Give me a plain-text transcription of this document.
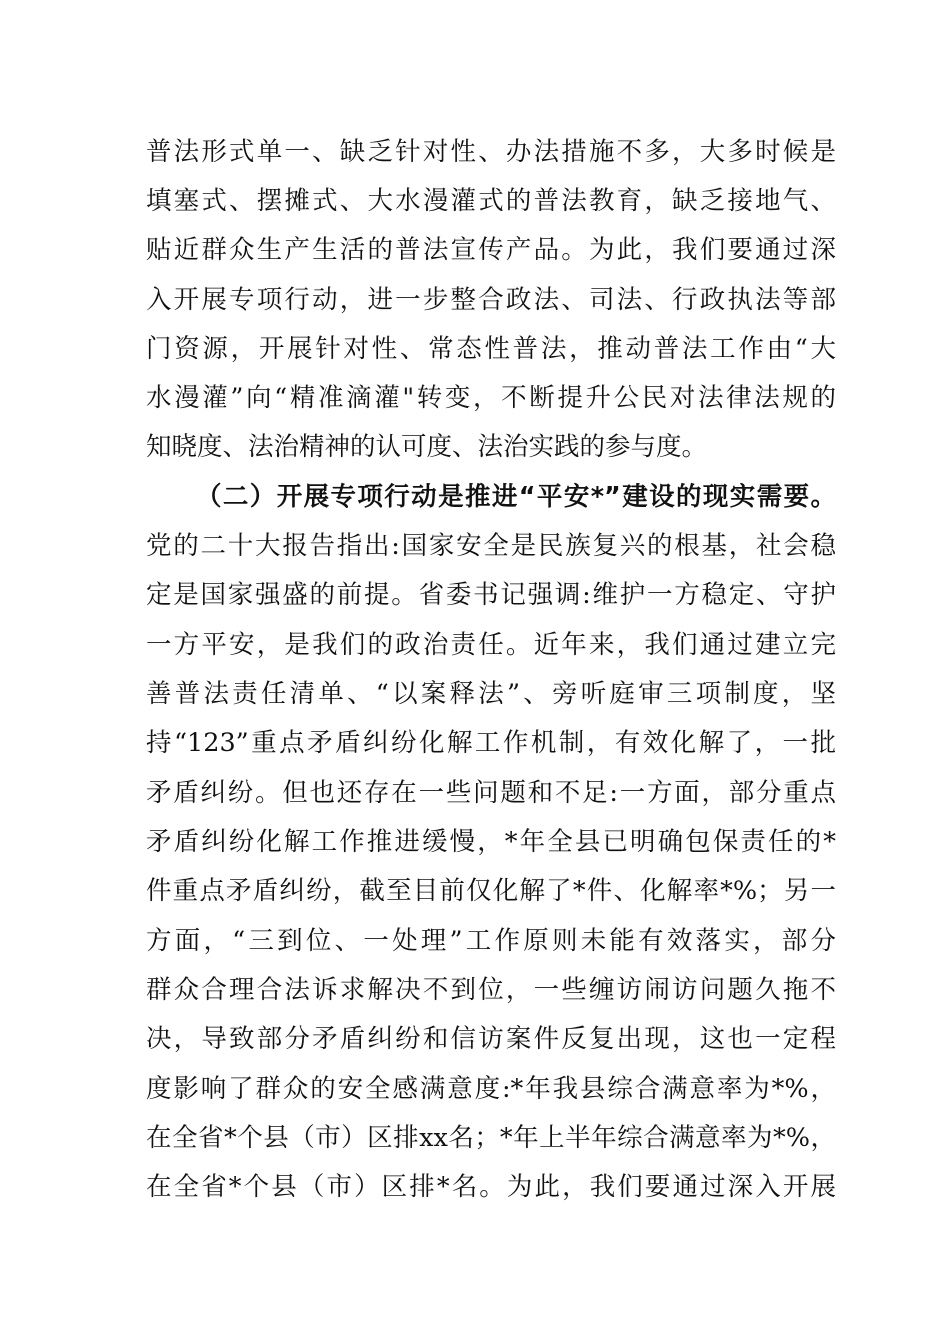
普法形式单一、缺乏针对性、办法措施不多，大多时候是
填塞式、摆摊式、大水漫灌式的普法教育，缺乏接地气、
贴近群众生产生活的普法宣传产品。为此，我们要通过深
入开展专项行动，进一步整合政法、司法、行政执法等部
门资源，开展针对性、常态性普法，推动普法工作由“大
水漫灌”向“精准滴灌"转变，不断提升公民对法律法规的
知晓度、法治精神的认可度、法治实践的参与度。
（二）开展专项行动是推进“平安*”建设的现实需要。
党的二十大报告指出:国家安全是民族复兴的根基，社会稳
定是国家强盛的前提。省委书记强调:维护一方稳定、守护
一方平安，是我们的政治责任。近年来，我们通过建立完
善普法责任清单、“以案释法”、旁听庭审三项制度，坚
持“123”重点矛盾纠纷化解工作机制，有效化解了，一批
矛盾纠纷。但也还存在一些问题和不足:一方面，部分重点
矛盾纠纷化解工作推进缓慢，*年全县已明确包保责任的*
件重点矛盾纠纷，截至目前仅化解了*件、化解率*%；另一
方面，“三到位、一处理”工作原则未能有效落实，部分
群众合理合法诉求解决不到位，一些缠访闹访问题久拖不
决，导致部分矛盾纠纷和信访案件反复出现，这也一定程
度影响了群众的安全感满意度:*年我县综合满意率为*%，
在全省*个县（市）区排xx名；*年上半年综合满意率为*%，
在全省*个县（市）区排*名。为此，我们要通过深入开展
